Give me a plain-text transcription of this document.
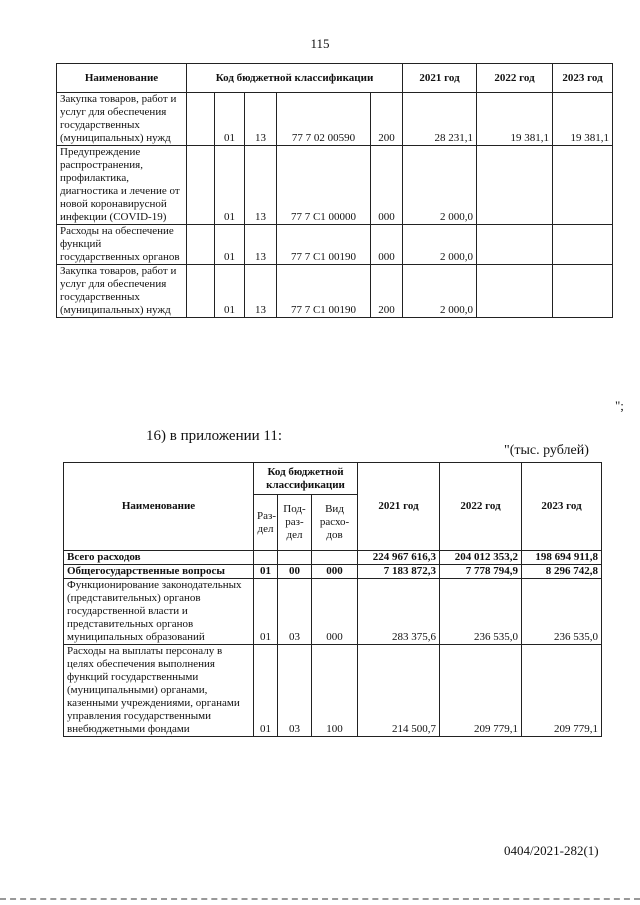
115
Наименование	Код бюджетной классификации					2021 год	2022 год	2023 год
Закупка товаров, работ и услуг для обеспечения государственных (муниципальных) нужд		01	13	77 7 02 00590	200	28 231,1	19 381,1	19 381,1
Предупреждение распространения, профилактика, диагностика и лечение от новой коронавирусной инфекции (COVID-19)		01	13	77 7 C1 00000	000	2 000,0		
Расходы на обеспечение функций государственных органов		01	13	77 7 C1 00190	000	2 000,0		
Закупка товаров, работ и услуг для обеспечения государственных (муниципальных) нужд		01	13	77 7 C1 00190	200	2 000,0		
";
16) в приложении 11:
"(тыс. рублей)
Наименование	Код бюджетной классификации			2021 год	2022 год	2023 год
	Раз-дел	Под-раз-дел	Вид расхо-дов			
Всего расходов				224 967 616,3	204 012 353,2	198 694 911,8
Общегосударственные вопросы	01	00	000	7 183 872,3	7 778 794,9	8 296 742,8
Функционирование законодательных (представительных) органов государственной власти и представительных органов муниципальных образований	01	03	000	283 375,6	236 535,0	236 535,0
Расходы на выплаты персоналу в целях обеспечения выполнения функций государственными (муниципальными) органами, казенными учреждениями, органами управления государственными внебюджетными фондами	01	03	100	214 500,7	209 779,1	209 779,1
0404/2021-282(1)
